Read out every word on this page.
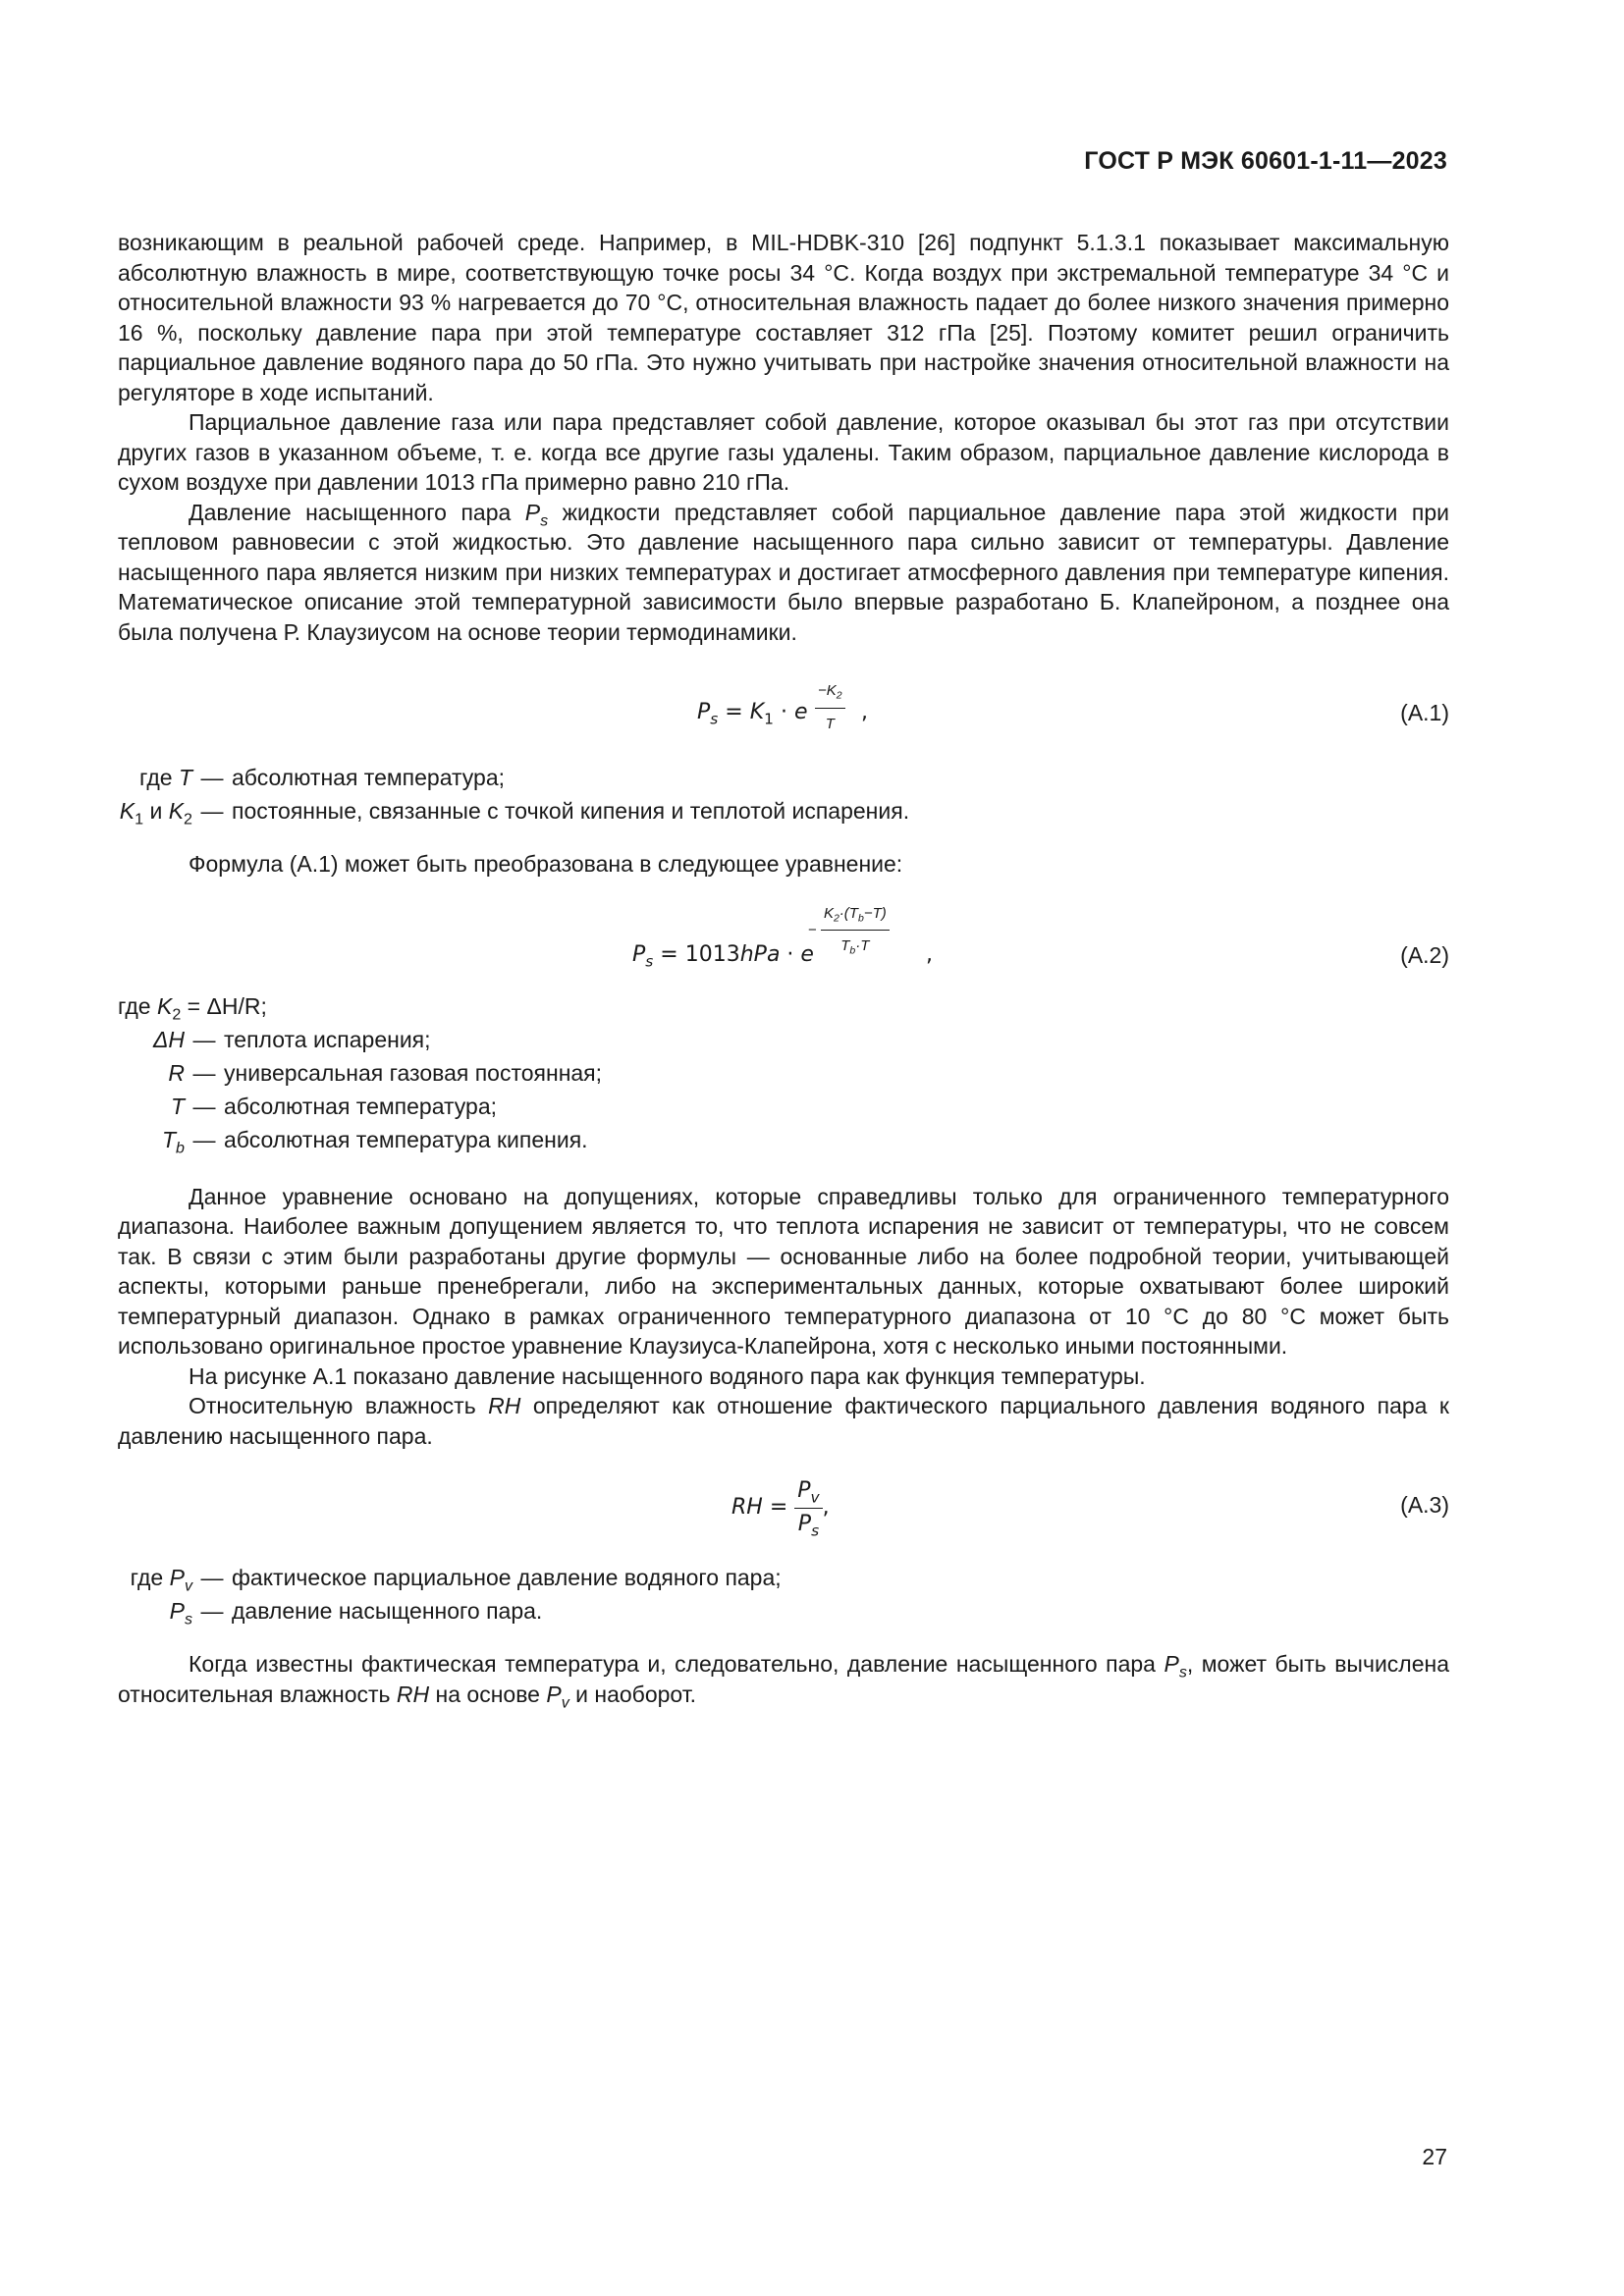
ГОСТ Р МЭК 60601-1-11—2023

возникающим в реальной рабочей среде. Например, в MIL-HDBK-310 [26] подпункт 5.1.3.1 показывает максимальную абсолютную влажность в мире, соответствующую точке росы 34 °C. Когда воздух при экстремальной температуре 34 °C и относительной влажности 93 % нагревается до 70 °C, относительная влажность падает до более низкого значения примерно 16 %, поскольку давление пара при этой температуре составляет 312 гПа [25]. Поэтому комитет решил ограничить парциальное давление водяного пара до 50 гПа. Это нужно учитывать при настройке значения относительной влажности на регуляторе в ходе испытаний.

Парциальное давление газа или пара представляет собой давление, которое оказывал бы этот газ при отсутствии других газов в указанном объеме, т. е. когда все другие газы удалены. Таким образом, парциальное давление кислорода в сухом воздухе при давлении 1013 гПа примерно равно 210 гПа.

Давление насыщенного пара $P_s$ жидкости представляет собой парциальное давление пара этой жидкости при тепловом равновесии с этой жидкостью. Это давление насыщенного пара сильно зависит от температуры. Давление насыщенного пара является низким при низких температурах и достигает атмосферного давления при температуре кипения. Математическое описание этой температурной зависимости было впервые разработано Б. Клапейроном, а позднее она была получена Р. Клаузиусом на основе теории термодинамики.

$P_s = K_1 \cdot e \frac{-K_2}{T}$ ,	(A.1)
где T — абсолютная температура;
$K_1$ и $K_2$ — постоянные, связанные с точкой кипения и теплотой испарения.

Формула (А.1) может быть преобразована в следующее уравнение:

$P_s = 1013hPa \cdot e$
− $\frac{K_2\cdot(T_b-T)}{T_b\cdot T}$ ,	(A.2)
где $K_2 = \Delta H/R$;
ΔH — теплота испарения;
R — универсальная газовая постоянная;
T — абсолютная температура;
$T_b$ — абсолютная температура кипения.

Данное уравнение основано на допущениях, которые справедливы только для ограниченного температурного диапазона. Наиболее важным допущением является то, что теплота испарения не зависит от температуры, что не совсем так. В связи с этим были разработаны другие формулы — основанные либо на более подробной теории, учитывающей аспекты, которыми раньше пренебрегали, либо на экспериментальных данных, которые охватывают более широкий температурный диапазон. Однако в рамках ограниченного температурного диапазона от 10 °C до 80 °C может быть использовано оригинальное простое уравнение Клаузиуса-Клапейрона, хотя с несколько иными постоянными.

На рисунке А.1 показано давление насыщенного водяного пара как функция температуры.

Относительную влажность RH определяют как отношение фактического парциального давления водяного пара к давлению насыщенного пара.

RH = $\frac{P_v}{P_s}$ ,	(A.3)
где $P_v$ — фактическое парциальное давление водяного пара;
$P_s$ — давление насыщенного пара.

Когда известны фактическая температура и, следовательно, давление насыщенного пара $P_s$, может быть вычислена относительная влажность RH на основе $P_v$ и наоборот.

27
